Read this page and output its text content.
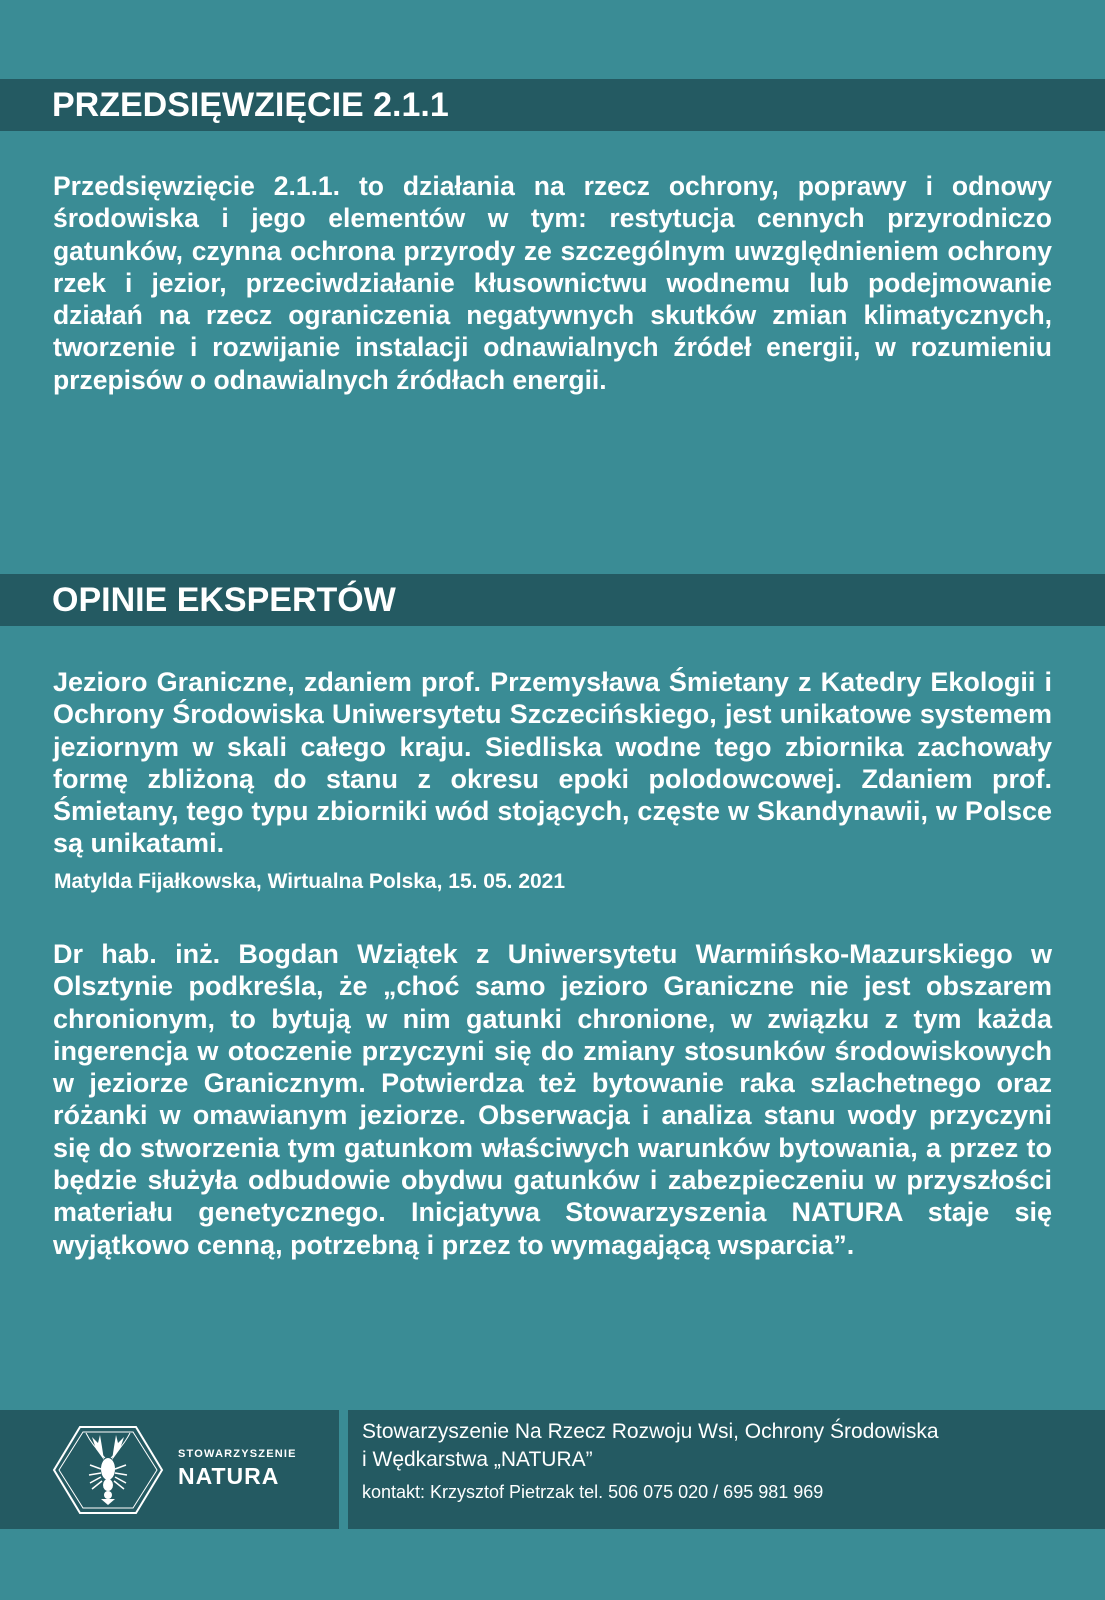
PRZEDSIĘWZIĘCIE 2.1.1

Przedsięwzięcie 2.1.1. to działania na rzecz ochrony, poprawy i odnowy środowiska i jego elementów w tym: restytucja cennych przyrodniczo gatunków, czynna ochrona przyrody ze szczególnym uwzględnieniem ochrony rzek i jezior, przeciwdziałanie kłusownictwu wodnemu lub podejmowanie działań na rzecz ograniczenia negatywnych skutków zmian klimatycznych, tworzenie i rozwijanie instalacji odnawialnych źródeł energii, w rozumieniu przepisów o odnawialnych źródłach energii.

OPINIE EKSPERTÓW

Jezioro Graniczne, zdaniem prof. Przemysława Śmietany z Katedry Ekologii i Ochrony Środowiska Uniwersytetu Szczecińskiego, jest unikatowe systemem jeziornym w skali całego kraju. Siedliska wodne tego zbiornika zachowały formę zbliżoną do stanu z okresu epoki polodowcowej. Zdaniem prof. Śmietany, tego typu zbiorniki wód stojących, częste w Skandynawii, w Polsce są unikatami.

Matylda Fijałkowska, Wirtualna Polska, 15. 05. 2021

Dr hab. inż. Bogdan Wziątek z Uniwersytetu Warmińsko-Mazurskiego w Olsztynie podkreśla, że „choć samo jezioro Graniczne nie jest obszarem chronionym, to bytują w nim gatunki chronione, w związku z tym każda ingerencja w otoczenie przyczyni się do zmiany stosunków środowiskowych w jeziorze Granicznym. Potwierdza też bytowanie raka szlachetnego oraz różanki w omawianym jeziorze. Obserwacja i analiza stanu wody przyczyni się do stworzenia tym gatunkom właściwych warunków bytowania, a przez to będzie służyła odbudowie obydwu gatunków i zabezpieczeniu w przyszłości materiału genetycznego. Inicjatywa Stowarzyszenia NATURA staje się wyjątkowo cenną, potrzebną i przez to wymagającą wsparcia”.

STOWARZYSZENIE
NATURA

Stowarzyszenie Na Rzecz Rozwoju Wsi, Ochrony Środowiska

i Wędkarstwa „NATURA”

kontakt: Krzysztof Pietrzak tel. 506 075 020 / 695 981 969
